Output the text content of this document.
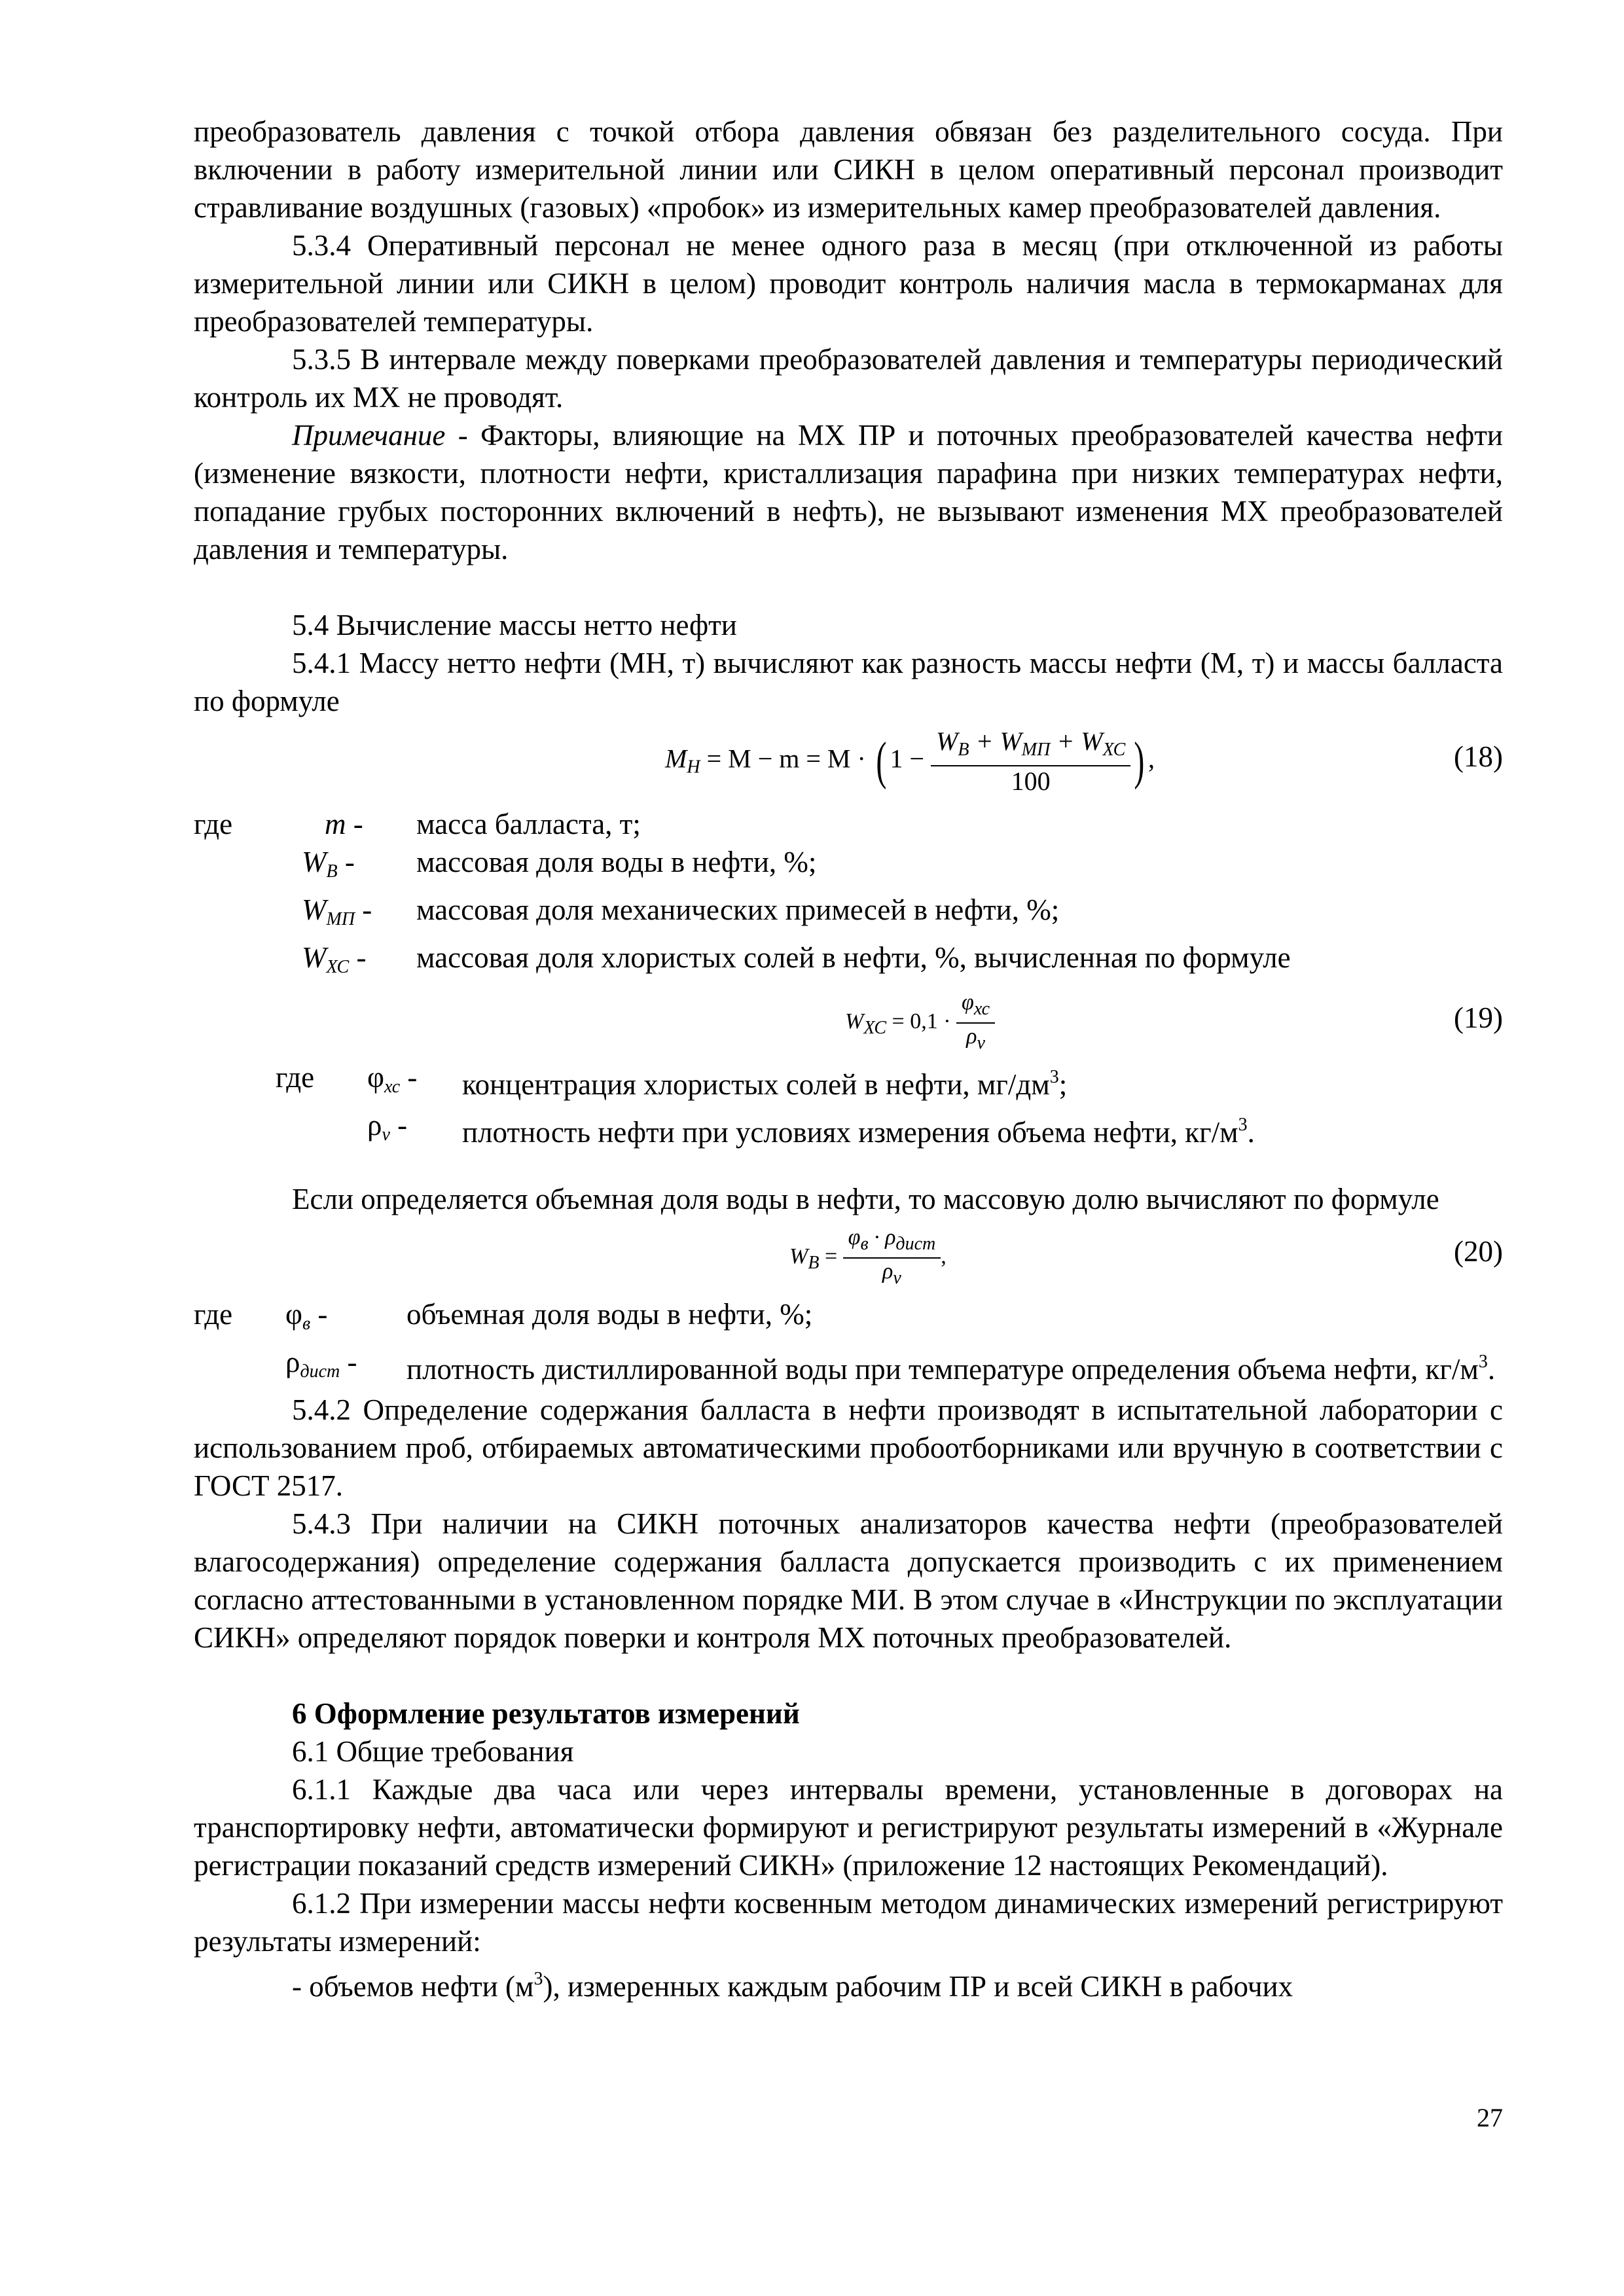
преобразователь давления с точкой отбора давления обвязан без разделительного сосуда. При включении в работу измерительной линии или СИКН в целом оперативный персонал производит стравливание воздушных (газовых) «пробок» из измерительных камер преобразователей давления.

5.3.4 Оперативный персонал не менее одного раза в месяц (при отключенной из работы измерительной линии или СИКН в целом) проводит контроль наличия масла в термокарманах для преобразователей температуры.

5.3.5 В интервале между поверками преобразователей давления и температуры периодический контроль их МХ не проводят.

Примечание - Факторы, влияющие на МХ ПР и поточных преобразователей качества нефти (изменение вязкости, плотности нефти, кристаллизация парафина при низких температурах нефти, попадание грубых посторонних включений в нефть), не вызывают изменения МХ преобразователей давления и температуры.

5.4 Вычисление массы нетто нефти

5.4.1 Массу нетто нефти (МН, т) вычисляют как разность массы нефти (М, т) и массы балласта по формуле

$M_Н = M - m = M$ · ( $1 - \frac{W_В + W_{МП} + W_{ХС}}{100}$ ) ,	(18)
где	m -	масса балласта, т;
$W_В$ -	массовая доля воды в нефти, %;
$W_{МП}$ -	массовая доля механических примесей в нефти, %;
$W_{ХС}$ -	массовая доля хлористых солей в нефти, %, вычисленная по формуле
$W_{ХС} = 0,1 \cdot \frac{\varphi_{хс}}{\rho_v}$	(19)
где	$\varphi_{хс}$ -	концентрация хлористых солей в нефти, $мг/дм^3$;
$\rho_v$ -	плотность нефти при условиях измерения объема нефти, $кг/м^3$.

Если определяется объемная доля воды в нефти, то массовую долю вычисляют по формуле

$W_В = \frac{\varphi_в \cdot \rho_{дист}}{\rho_v}$ ,	(20)
где	$\varphi_в$ -	объемная доля воды в нефти, %;
$\rho_{дист}$ -	плотность дистиллированной воды при температуре определения объема нефти, $кг/м^3$.

5.4.2 Определение содержания балласта в нефти производят в испытательной лаборатории с использованием проб, отбираемых автоматическими пробоотборниками или вручную в соответствии с ГОСТ 2517.

5.4.3 При наличии на СИКН поточных анализаторов качества нефти (преобразователей влагосодержания) определение содержания балласта допускается производить с их применением согласно аттестованными в установленном порядке МИ. В этом случае в «Инструкции по эксплуатации СИКН» определяют порядок поверки и контроля МХ поточных преобразователей.

6 Оформление результатов измерений

6.1 Общие требования

6.1.1 Каждые два часа или через интервалы времени, установленные в договорах на транспортировку нефти, автоматически формируют и регистрируют результаты измерений в «Журнале регистрации показаний средств измерений СИКН» (приложение 12 настоящих Рекомендаций).

6.1.2 При измерении массы нефти косвенным методом динамических измерений регистрируют результаты измерений:

- объемов нефти $(м^3)$, измеренных каждым рабочим ПР и всей СИКН в рабочих

27
